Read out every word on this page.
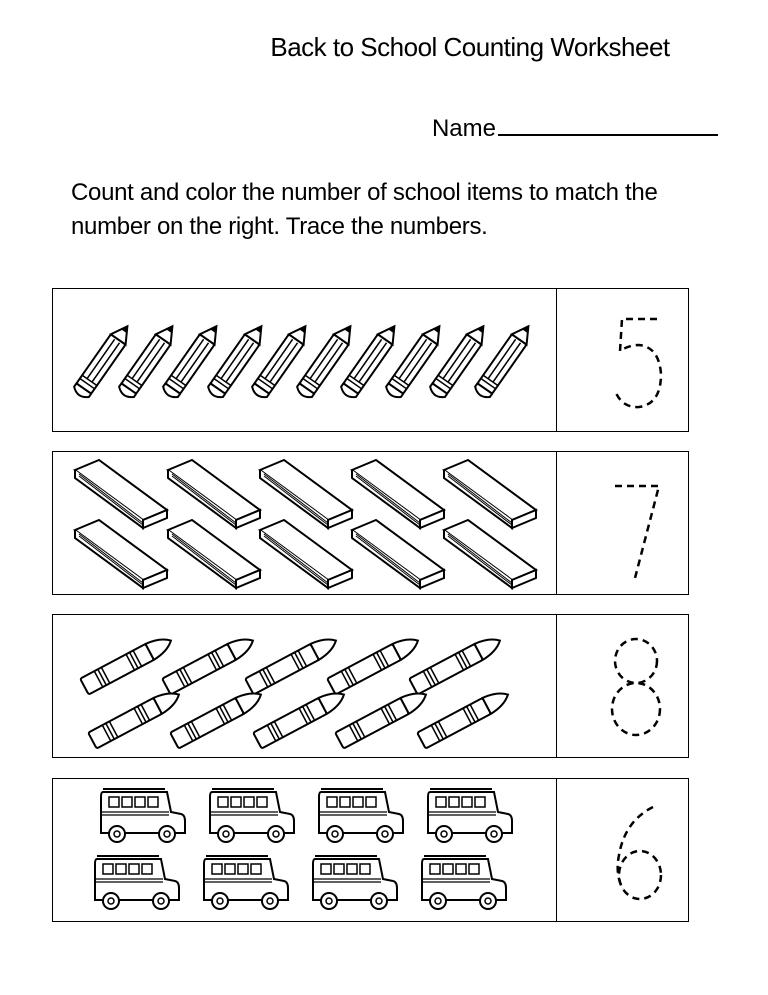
Back to School Counting Worksheet
Name
Count and color the number of school items to match the number on the right. Trace the numbers.
